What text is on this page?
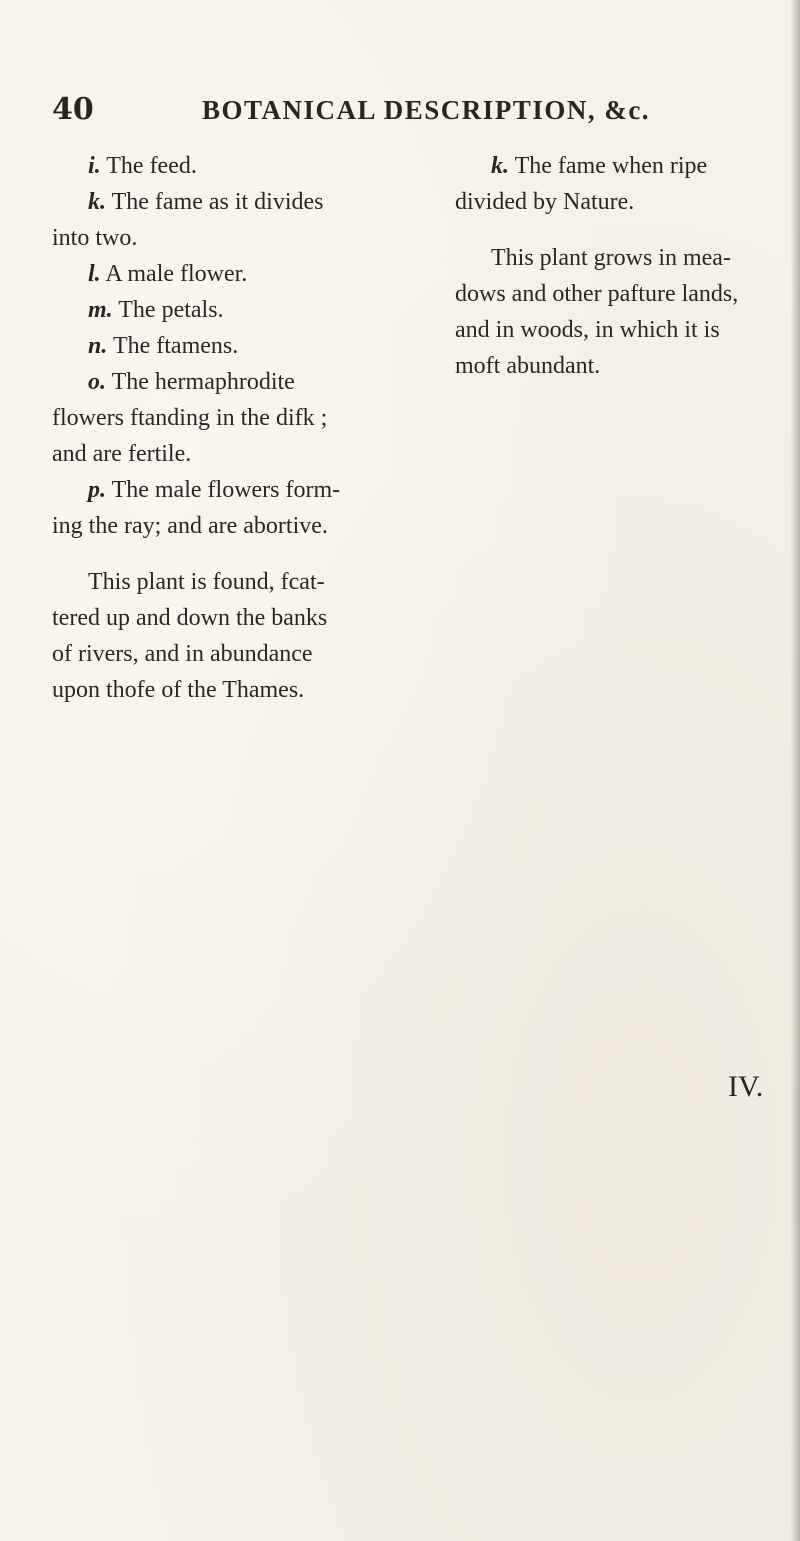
40	BOTANICAL DESCRIPTION, &c.
i. The feed.
k. The fame as it divides
into two.
l. A male flower.
m. The petals.
n. The ftamens.
o. The hermaphrodite
flowers ftanding in the difk ;
and are fertile.
p. The male flowers form-
ing the ray; and are abortive.
This plant is found, fcat-
tered up and down the banks
of rivers, and in abundance
upon thofe of the Thames.
k. The fame when ripe
divided by Nature.
This plant grows in mea-
dows and other pafture lands,
and in woods, in which it is
moft abundant.
IV.
